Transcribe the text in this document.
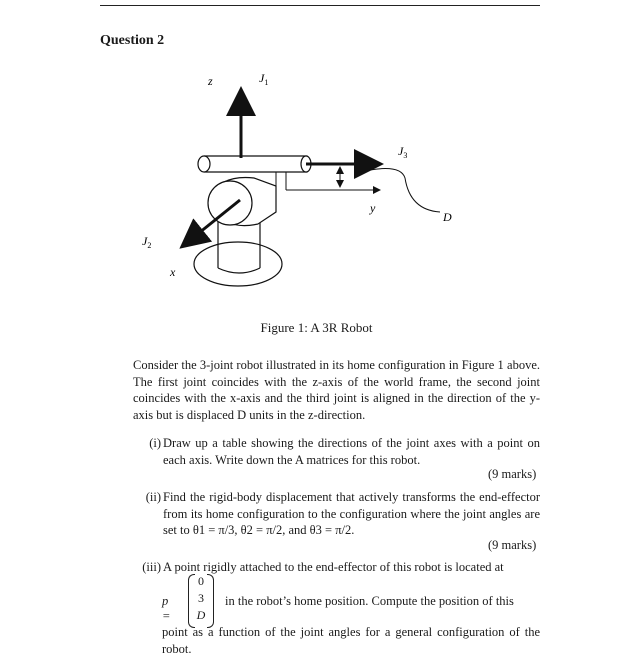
Question 2
z	$J_1$
$J_3$
y
D
$J_2$
x
Figure 1: A 3R Robot
Consider the 3-joint robot illustrated in its home configuration in Figure 1 above. The first joint coincides with the z-axis of the world frame, the second joint coincides with the x-axis and the third joint is aligned in the direction of the y-axis but is displaced D units in the z-direction.
(i) Draw up a table showing the directions of the joint axes with a point on each axis. Write down the A matrices for this robot.
(9 marks)
(ii) Find the rigid-body displacement that actively transforms the end-effector from its home configuration to the configuration where the joint angles are set to θ1 = π/3, θ2 = π/2, and θ3 = π/2.
(9 marks)
(iii) A point rigidly attached to the end-effector of this robot is located at
p⃗ =
0
3
D
in the robot’s home position. Compute the position of this
point as a function of the joint angles for a general configuration of the robot.
